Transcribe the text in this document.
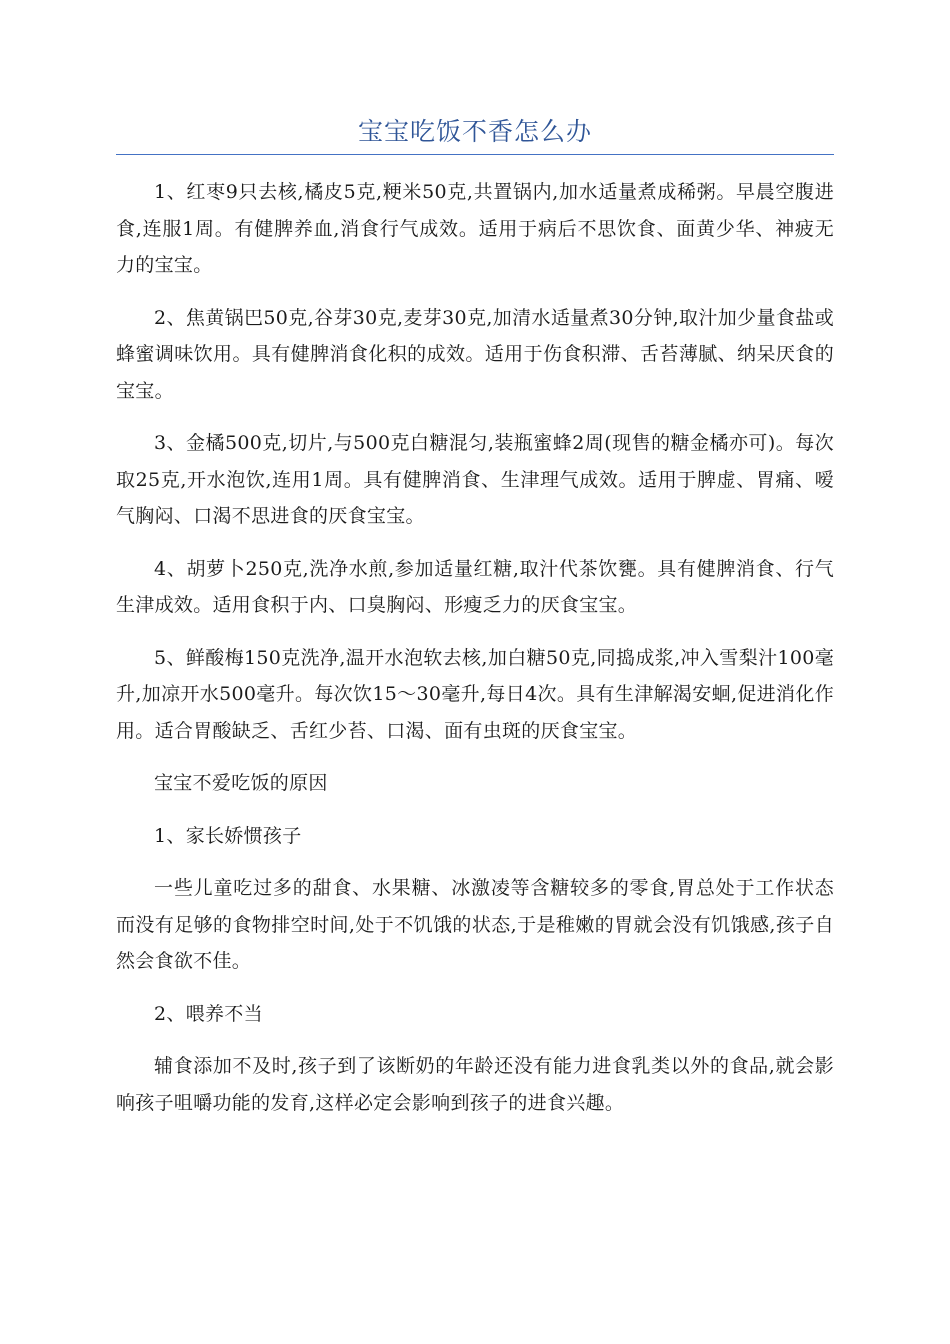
宝宝吃饭不香怎么办

1、红枣9只去核,橘皮5克,粳米50克,共置锅内,加水适量煮成稀粥。早晨空腹进食,连服1周。有健脾养血,消食行气成效。适用于病后不思饮食、面黄少华、神疲无力的宝宝。

2、焦黄锅巴50克,谷芽30克,麦芽30克,加清水适量煮30分钟,取汁加少量食盐或蜂蜜调味饮用。具有健脾消食化积的成效。适用于伤食积滞、舌苔薄腻、纳呆厌食的宝宝。

3、金橘500克,切片,与500克白糖混匀,装瓶蜜蜂2周(现售的糖金橘亦可)。每次取25克,开水泡饮,连用1周。具有健脾消食、生津理气成效。适用于脾虚、胃痛、嗳气胸闷、口渴不思进食的厌食宝宝。

4、胡萝卜250克,洗净水煎,参加适量红糖,取汁代茶饮甕。具有健脾消食、行气生津成效。适用食积于内、口臭胸闷、形瘦乏力的厌食宝宝。

5、鲜酸梅150克洗净,温开水泡软去核,加白糖50克,同捣成浆,冲入雪梨汁100毫升,加凉开水500毫升。每次饮15～30毫升,每日4次。具有生津解渴安蛔,促进消化作用。适合胃酸缺乏、舌红少苔、口渴、面有虫斑的厌食宝宝。

宝宝不爱吃饭的原因

1、家长娇惯孩子

一些儿童吃过多的甜食、水果糖、冰激凌等含糖较多的零食,胃总处于工作状态而没有足够的食物排空时间,处于不饥饿的状态,于是稚嫩的胃就会没有饥饿感,孩子自然会食欲不佳。

2、喂养不当

辅食添加不及时,孩子到了该断奶的年龄还没有能力进食乳类以外的食品,就会影响孩子咀嚼功能的发育,这样必定会影响到孩子的进食兴趣。
